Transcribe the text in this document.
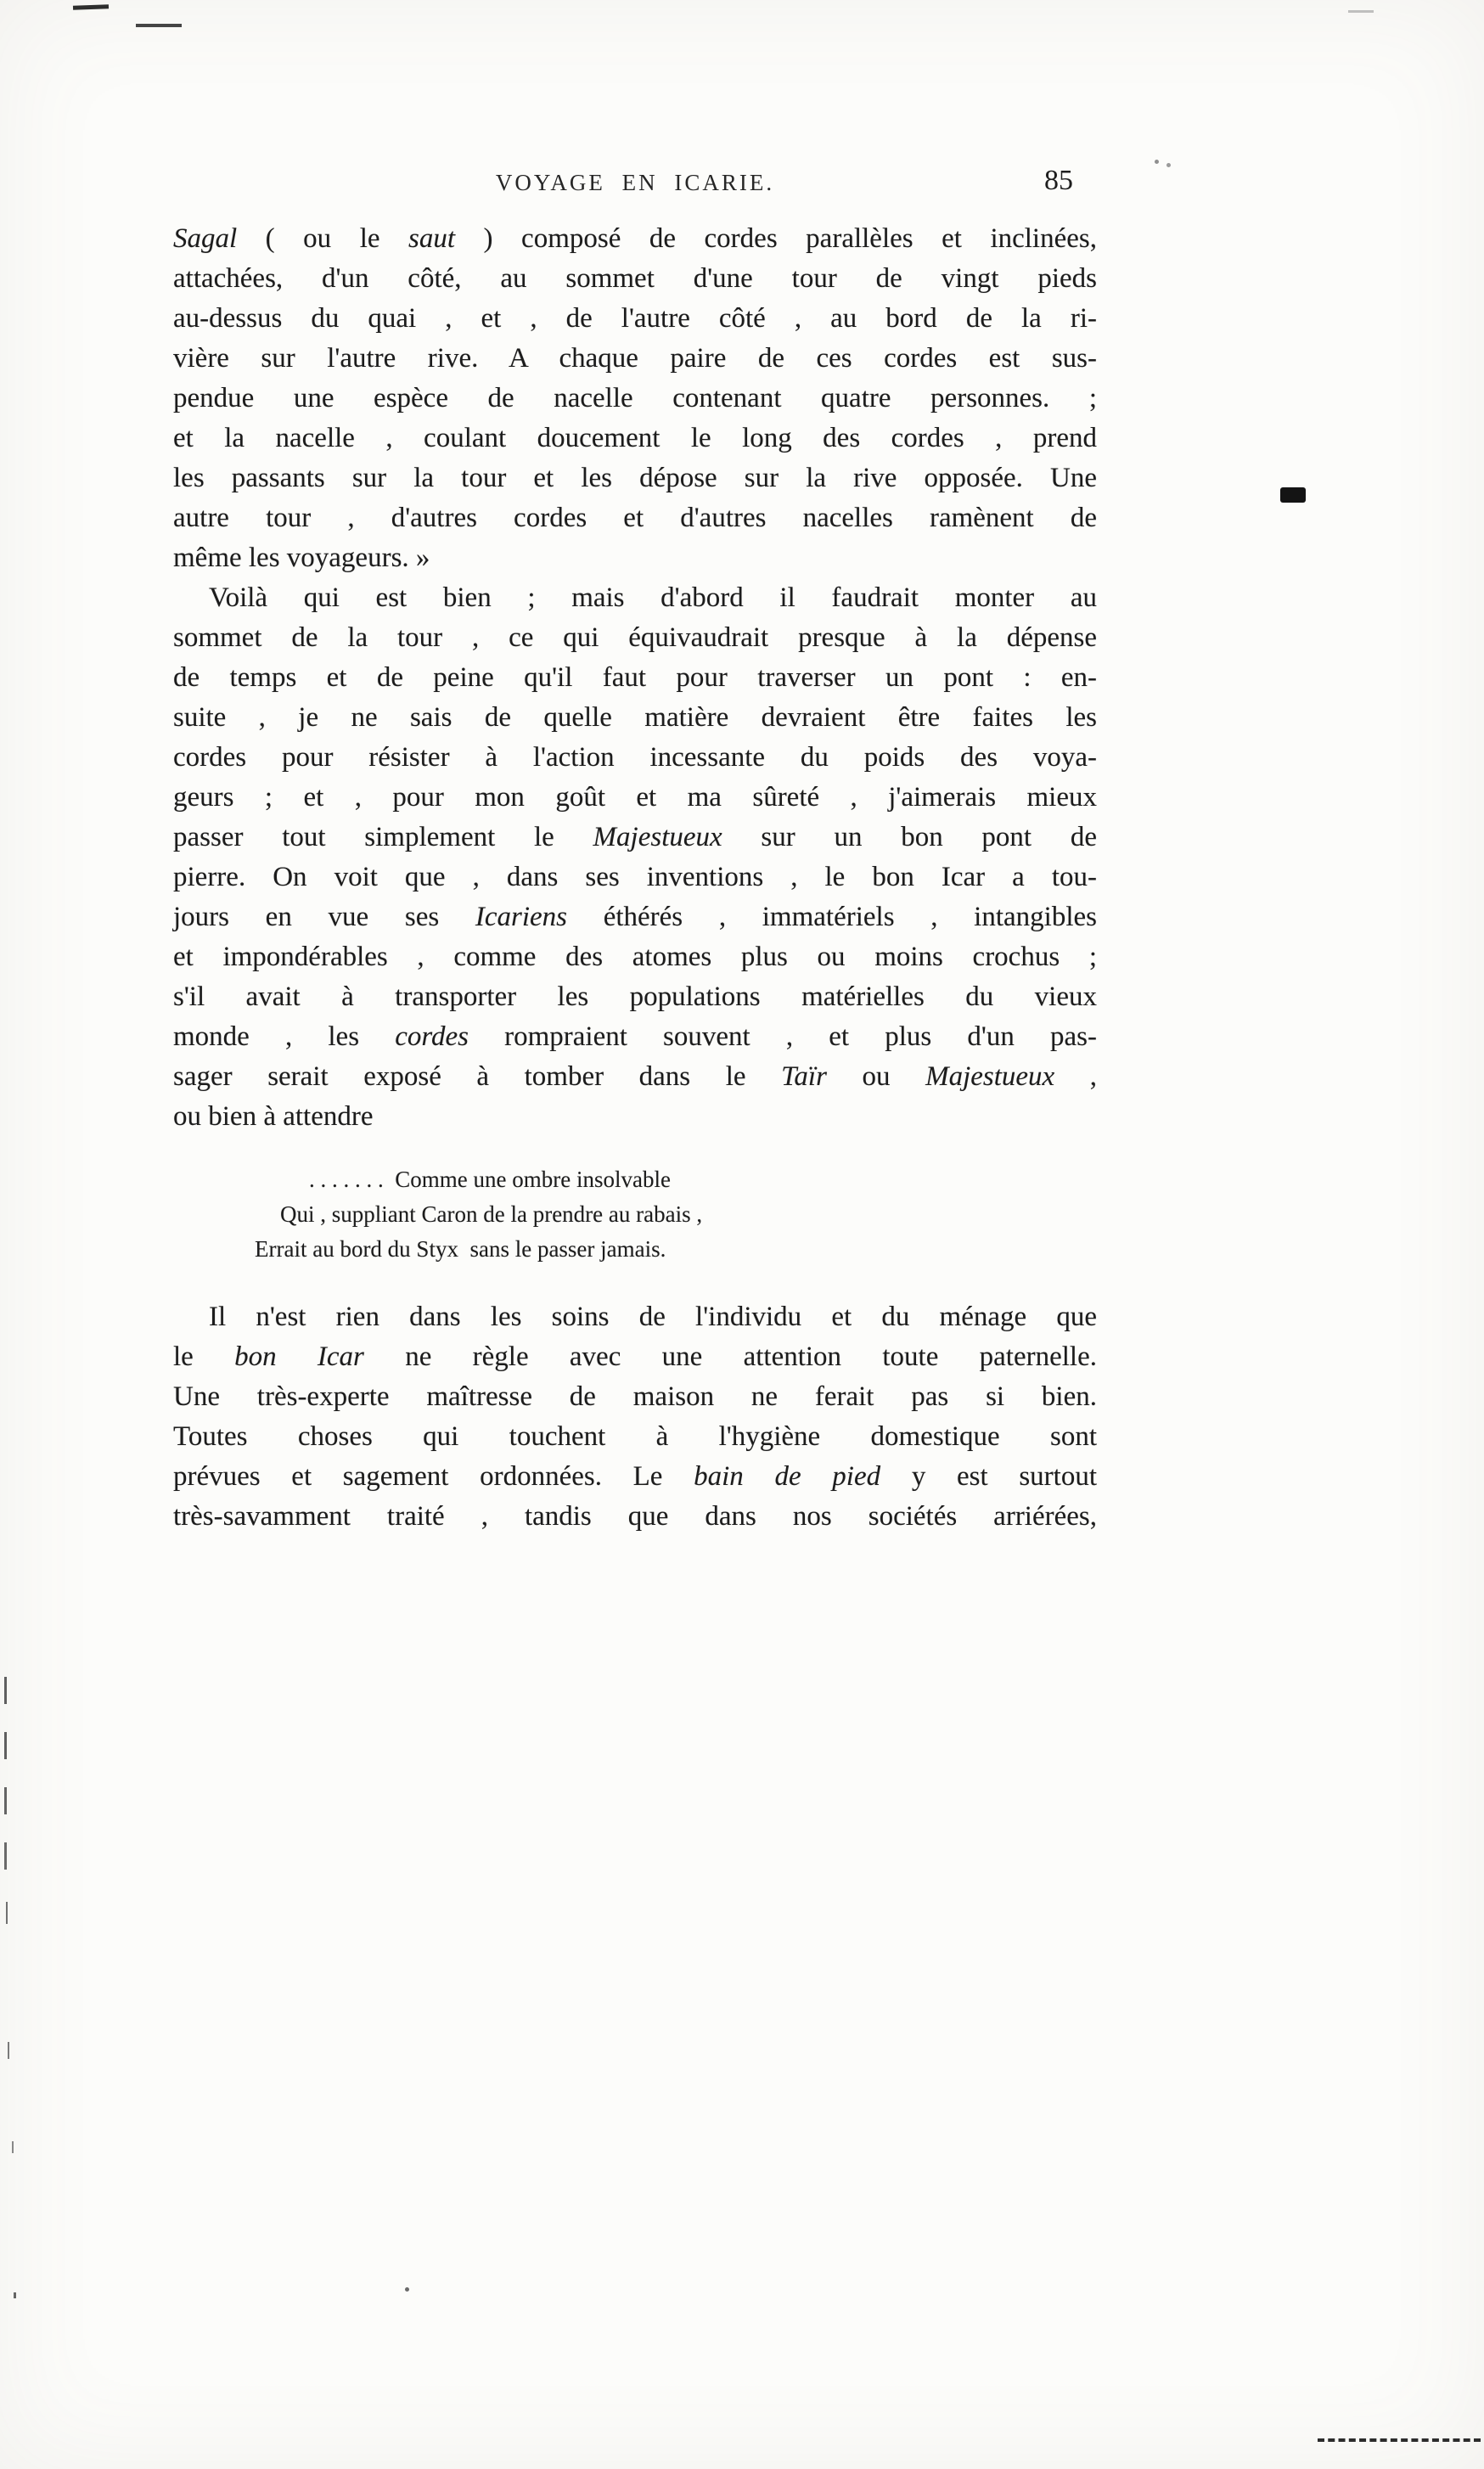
VOYAGE EN ICARIE.	85
Sagal ( ou le saut ) composé de cordes parallèles et inclinées,
attachées, d'un côté, au sommet d'une tour de vingt pieds
au-dessus du quai , et , de l'autre côté , au bord de la ri-
vière sur l'autre rive. A chaque paire de ces cordes est sus-
pendue une espèce de nacelle contenant quatre personnes. ;
et la nacelle , coulant doucement le long des cordes , prend
les passants sur la tour et les dépose sur la rive opposée. Une
autre tour , d'autres cordes et d'autres nacelles ramènent de
même les voyageurs. »
Voilà qui est bien ; mais d'abord il faudrait monter au
sommet de la tour , ce qui équivaudrait presque à la dépense
de temps et de peine qu'il faut pour traverser un pont : en-
suite , je ne sais de quelle matière devraient être faites les
cordes pour résister à l'action incessante du poids des voya-
geurs ; et , pour mon goût et ma sûreté , j'aimerais mieux
passer tout simplement le Majestueux sur un bon pont de
pierre. On voit que , dans ses inventions , le bon Icar a tou-
jours en vue ses Icariens éthérés , immatériels , intangibles
et impondérables , comme des atomes plus ou moins crochus ;
s'il avait à transporter les populations matérielles du vieux
monde , les cordes rompraient souvent , et plus d'un pas-
sager serait exposé à tomber dans le Taïr ou Majestueux ,
ou bien à attendre
. . . . . . .  Comme une ombre insolvable
Qui , suppliant Caron de la prendre au rabais ,
Errait au bord du Styx  sans le passer jamais.
Il n'est rien dans les soins de l'individu et du ménage que
le bon Icar ne règle avec une attention toute paternelle.
Une très-experte maîtresse de maison ne ferait pas si bien.
Toutes choses qui touchent à l'hygiène domestique sont
prévues et sagement ordonnées. Le bain de pied y est surtout
très-savamment traité , tandis que dans nos sociétés arriérées,
